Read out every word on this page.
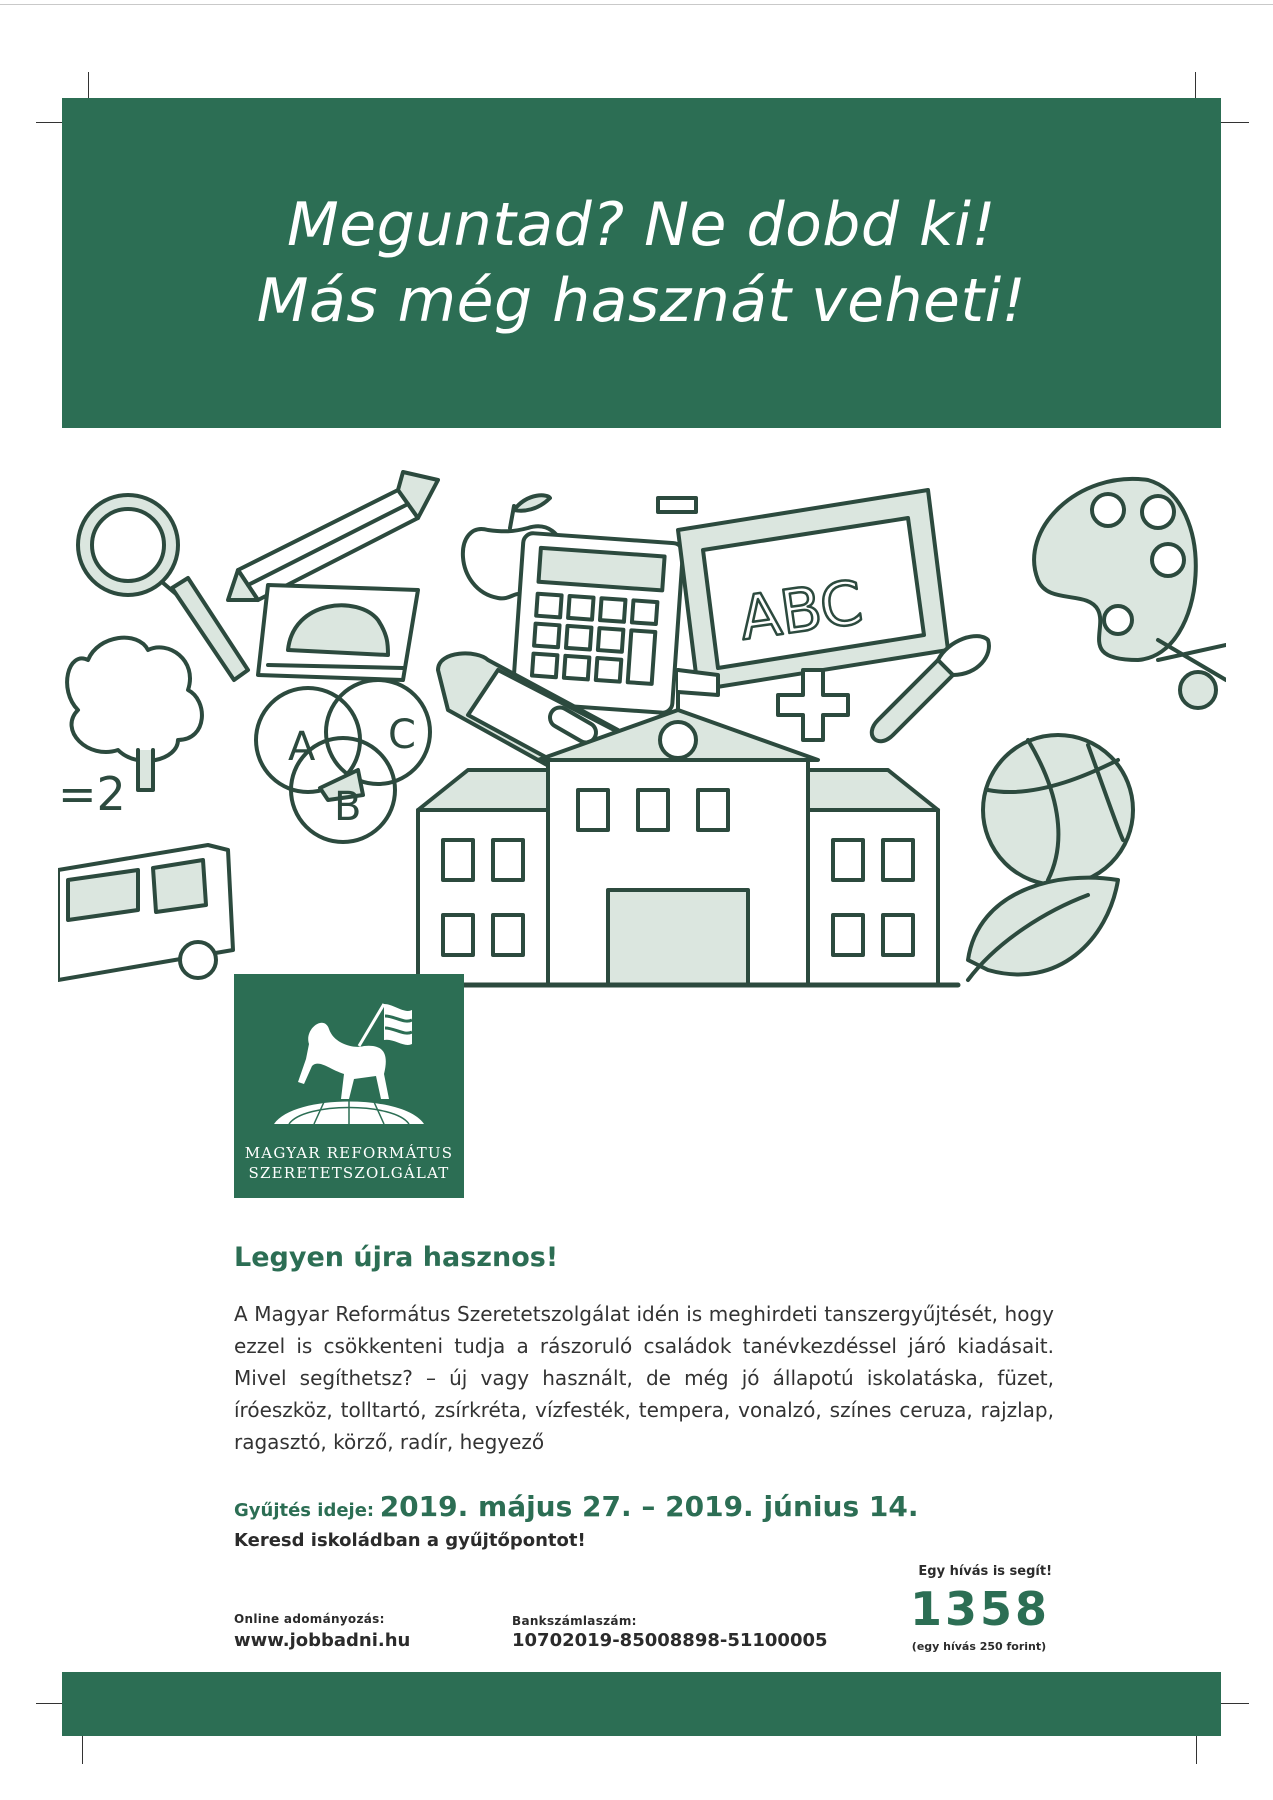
Meguntad? Ne dobd ki!
Más még hasznát veheti!
ABC
=2
A C
B
MAGYAR REFORMÁTUS
SZERETETSZOLGÁLAT
Legyen újra hasznos!
A Magyar Református Szeretetszolgálat idén is meghirdeti tanszergyűjtését, hogy ezzel is csökkenteni tudja a rászoruló családok tanévkezdéssel járó kiadásait. Mivel segíthetsz? – új vagy használt, de még jó állapotú iskolatáska, füzet, íróeszköz, tolltartó, zsírkréta, vízfesték, tempera, vonalzó, színes ceruza, rajzlap, ragasztó, körző, radír, hegyező
Gyűjtés ideje: 2019. május 27. – 2019. június 14.
Keresd iskoládban a gyűjtőpontot!
Online adományozás:
www.jobbadni.hu
Bankszámlaszám:
10702019-85008898-51100005
Egy hívás is segít!
1358
(egy hívás 250 forint)
